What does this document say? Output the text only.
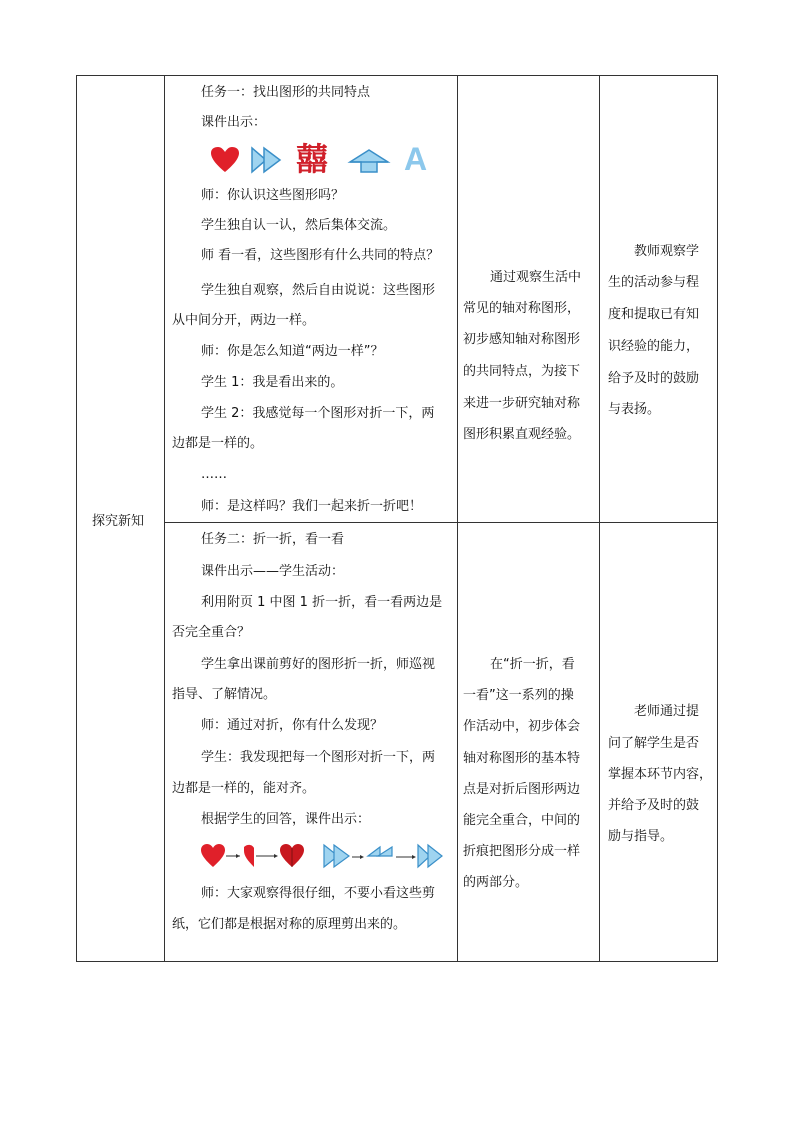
探究新知
任务一：找出图形的共同特点
课件出示：
囍 A
师：你认识这些图形吗？
学生独自认一认，然后集体交流。
师 看一看，这些图形有什么共同的特点？
学生独自观察，然后自由说说：这些图形
从中间分开，两边一样。
师：你是怎么知道“两边一样”？
学生 1：我是看出来的。
学生 2：我感觉每一个图形对折一下，两
边都是一样的。
……
师：是这样吗？我们一起来折一折吧！
通过观察生活中
常见的轴对称图形，
初步感知轴对称图形
的共同特点，为接下
来进一步研究轴对称
图形积累直观经验。
教师观察学
生的活动参与程
度和提取已有知
识经验的能力，
给予及时的鼓励
与表扬。
任务二：折一折，看一看
课件出示——学生活动：
利用附页 1 中图 1 折一折，看一看两边是
否完全重合？
学生拿出课前剪好的图形折一折，师巡视
指导、了解情况。
师：通过对折，你有什么发现？
学生：我发现把每一个图形对折一下，两
边都是一样的，能对齐。
根据学生的回答，课件出示：
师：大家观察得很仔细，不要小看这些剪
纸，它们都是根据对称的原理剪出来的。
在“折一折，看
一看”这一系列的操
作活动中，初步体会
轴对称图形的基本特
点是对折后图形两边
能完全重合，中间的
折痕把图形分成一样
的两部分。
老师通过提
问了解学生是否
掌握本环节内容，
并给予及时的鼓
励与指导。
